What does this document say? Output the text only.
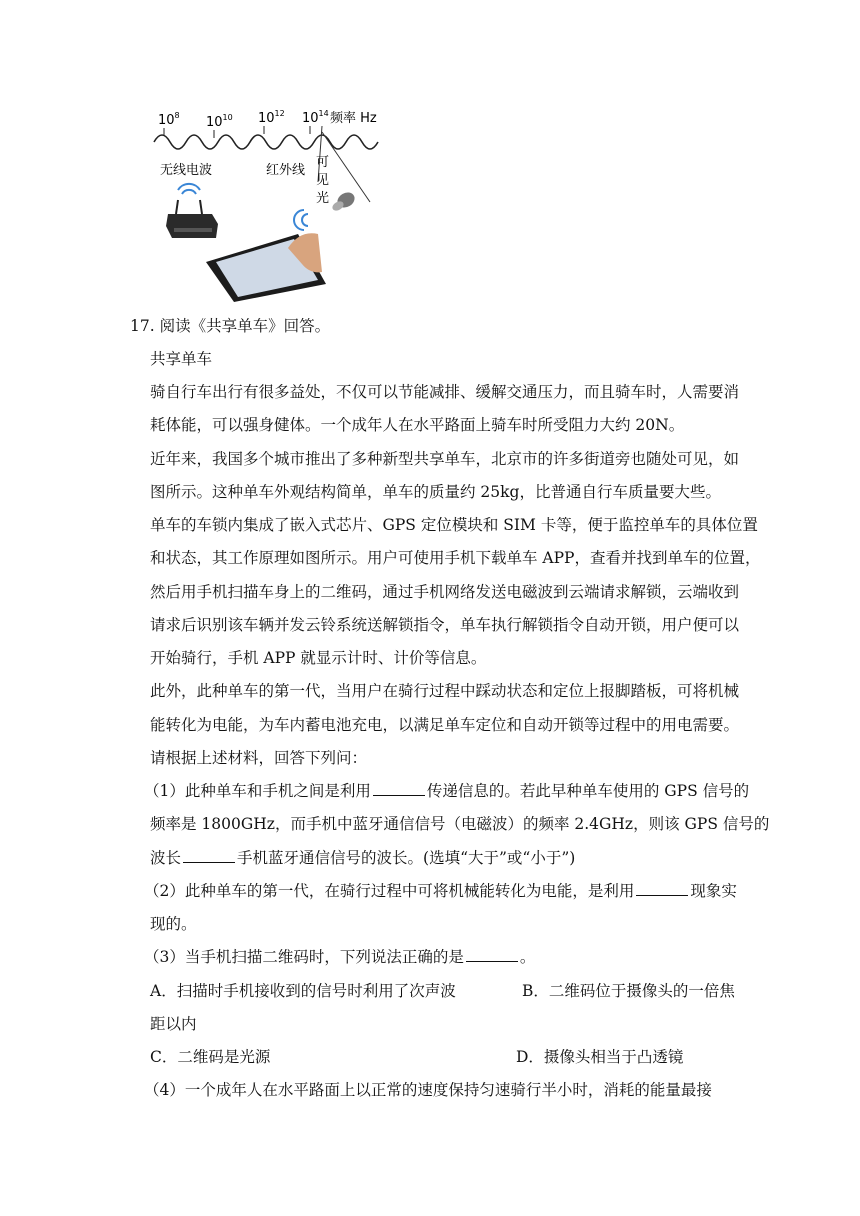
$10^8$ $10^{10}$ $10^{12}$ $10^{14}$ 频率 Hz
无线电波	红外线
可
见
光
17. 阅读《共享单车》回答。
共享单车
骑自行车出行有很多益处，不仅可以节能减排、缓解交通压力，而且骑车时，人需要消
耗体能，可以强身健体。一个成年人在水平路面上骑车时所受阻力大约 20N。
近年来，我国多个城市推出了多种新型共享单车，北京市的许多街道旁也随处可见，如
图所示。这种单车外观结构简单，单车的质量约 25kg，比普通自行车质量要大些。
单车的车锁内集成了嵌入式芯片、GPS 定位模块和 SIM 卡等，便于监控单车的具体位置
和状态，其工作原理如图所示。用户可使用手机下载单车 APP，查看并找到单车的位置，
然后用手机扫描车身上的二维码，通过手机网络发送电磁波到云端请求解锁，云端收到
请求后识别该车辆并发云铃系统送解锁指令，单车执行解锁指令自动开锁，用户便可以
开始骑行，手机 APP 就显示计时、计价等信息。
此外，此种单车的第一代，当用户在骑行过程中踩动状态和定位上报脚踏板，可将机械
能转化为电能，为车内蓄电池充电，以满足单车定位和自动开锁等过程中的用电需要。
请根据上述材料，回答下列问：
（1）此种单车和手机之间是利用	传递信息的。若此早种单车使用的 GPS 信号的
频率是 1800GHz，而手机中蓝牙通信信号（电磁波）的频率 2.4GHz，则该 GPS 信号的
波长	手机蓝牙通信信号的波长。(选填“大于”或“小于”)
（2）此种单车的第一代，在骑行过程中可将机械能转化为电能，是利用	现象实
现的。
（3）当手机扫描二维码时，下列说法正确的是	。
A．扫描时手机接收到的信号时利用了次声波	B．二维码位于摄像头的一倍焦
距以内
C．二维码是光源	D．摄像头相当于凸透镜
（4）一个成年人在水平路面上以正常的速度保持匀速骑行半小时，消耗的能量最接
